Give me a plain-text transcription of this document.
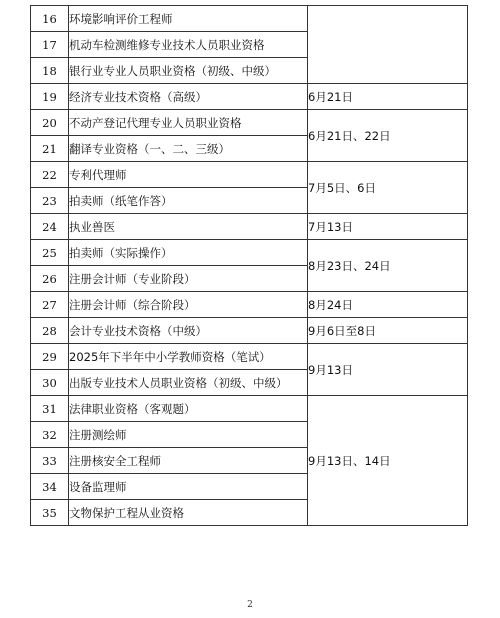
16	环境影响评价工程师	
17	机动车检测维修专业技术人员职业资格	
18	银行业专业人员职业资格（初级、中级）	
19	经济专业技术资格（高级）	6月21日
20	不动产登记代理专业人员职业资格	6月21日、22日
21	翻译专业资格（一、二、三级）	
22	专利代理师	7月5日、6日
23	拍卖师（纸笔作答）	
24	执业兽医	7月13日
25	拍卖师（实际操作）	8月23日、24日
26	注册会计师（专业阶段）	
27	注册会计师（综合阶段）	8月24日
28	会计专业技术资格（中级）	9月6日至8日
29	2025年下半年中小学教师资格（笔试）	9月13日
30	出版专业技术人员职业资格（初级、中级）	
31	法律职业资格（客观题）	9月13日、14日
32	注册测绘师	
33	注册核安全工程师	
34	设备监理师	
35	文物保护工程从业资格	
2
